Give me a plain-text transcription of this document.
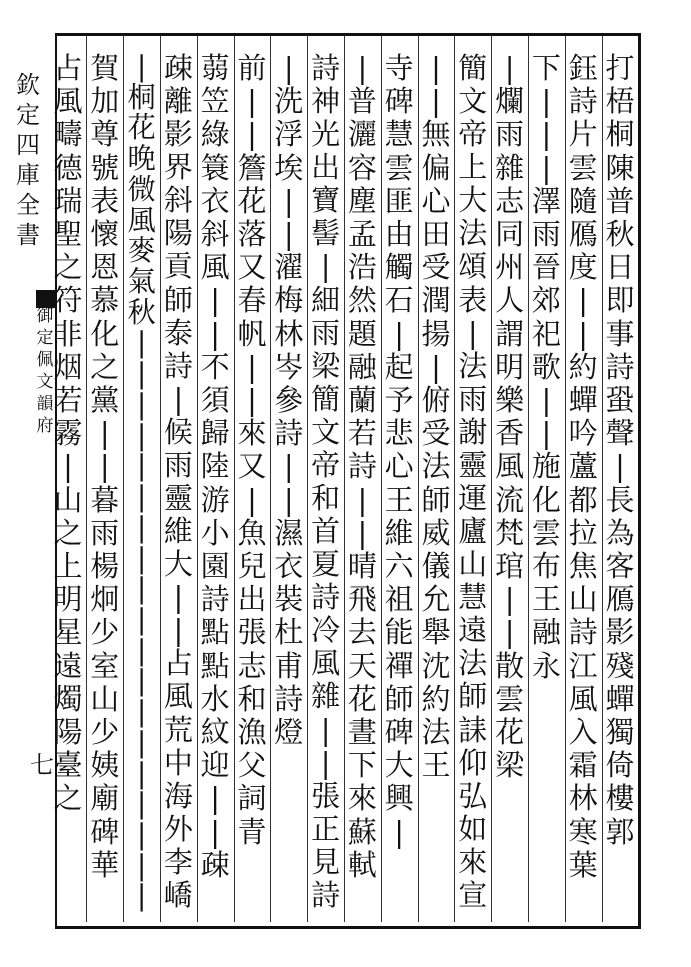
欽
定
四
庫
全
書
御
定
佩
文
韻
府
七
打
梧
桐
陳
普
秋
日
即
事
詩
蛩
聲
|
長
為
客
鴈
影
殘
蟬
獨
倚
樓
郭
鈺
詩
片
雲
隨
鴈
度
|
|
約
蟬
吟
蘆
都
拉
焦
山
詩
江
風
入
霜
林
寒
葉
下
|
|
|
澤
雨
晉
郊
祀
歌
|
|
施
化
雲
布
王
融
永
|
爛
雨
雜
志
同
州
人
謂
明
樂
香
風
流
梵
琯
|
|
散
雲
花
梁
簡
文
帝
上
大
法
頌
表
|
法
雨
謝
靈
運
廬
山
慧
遠
法
師
誄
仰
弘
如
來
宣
|
|
無
偏
心
田
受
潤
揚
|
俯
受
法
師
威
儀
允
舉
沈
約
法
王
寺
碑
慧
雲
匪
由
觸
石
|
起
予
悲
心
王
維
六
祖
能
禪
師
碑
大
興
|
|
普
灑
容
塵
孟
浩
然
題
融
蘭
若
詩
|
|
晴
飛
去
天
花
晝
下
來
蘇
軾
詩
神
光
出
寶
髻
|
細
雨
梁
簡
文
帝
和
首
夏
詩
冷
風
雜
|
|
張
正
見
詩
|
洗
浮
埃
|
|
濯
梅
林
岑
參
詩
|
|
濕
衣
裝
杜
甫
詩
燈
前
|
|
簷
花
落
又
春
帆
|
|
來
又
|
魚
兒
出
張
志
和
漁
父
詞
青
蒻
笠
綠
簑
衣
斜
風
|
|
不
須
歸
陸
游
小
園
詩
點
點
水
紋
迎
|
|
疎
疎
離
影
界
斜
陽
貢
師
泰
詩
|
候
雨
靈
維
大
|
|
占
風
荒
中
海
外
李
嶠
|
桐
花
晚
微
風
麥
氣
秋
|
|
|
|
|
|
|
|
|
|
|
|
|
|
|
|
|
|
|
賀
加
尊
號
表
懷
恩
慕
化
之
黨
|
|
暮
雨
楊
炯
少
室
山
少
姨
廟
碑
華
占
風
疇
德
瑞
聖
之
符
非
烟
若
霧
|
山
之
上
明
星
遠
燭
陽
臺
之
